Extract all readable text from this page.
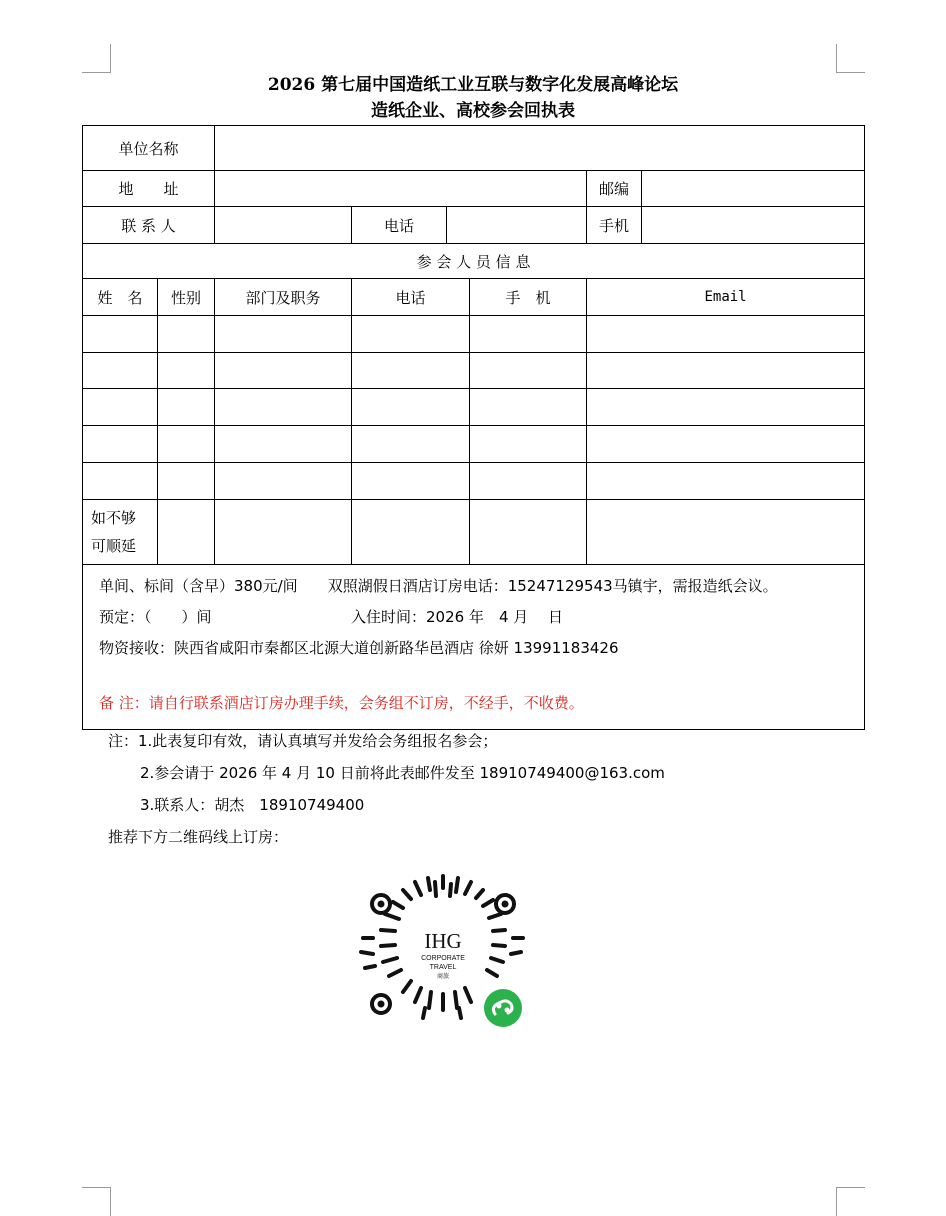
2026 第七届中国造纸工业互联与数字化发展高峰论坛
造纸企业、高校参会回执表
单位名称							
地　　址						邮编	
联 系 人			电话			手机	
参 会 人 员 信 息							
姓　名	性别	部门及职务	电话		手　机	Email	

如不够可顺延							

单间、标间（含早）380元/间 双照湖假日酒店订房电话：15247129543马镇宇，需报造纸会议。
预定：（　　）间 入住时间：2026 年　4 月　 日
物资接收：陕西省咸阳市秦都区北源大道创新路华邑酒店 徐妍 13991183426
备 注：请自行联系酒店订房办理手续，会务组不订房，不经手，不收费。							
注：1.此表复印有效，请认真填写并发给会务组报名参会；
2.参会请于 2026 年 4 月 10 日前将此表邮件发至 18910749400@163.com
3.联系人：胡杰　18910749400
推荐下方二维码线上订房：
IHG
CORPORATE
TRAVEL
商旅
